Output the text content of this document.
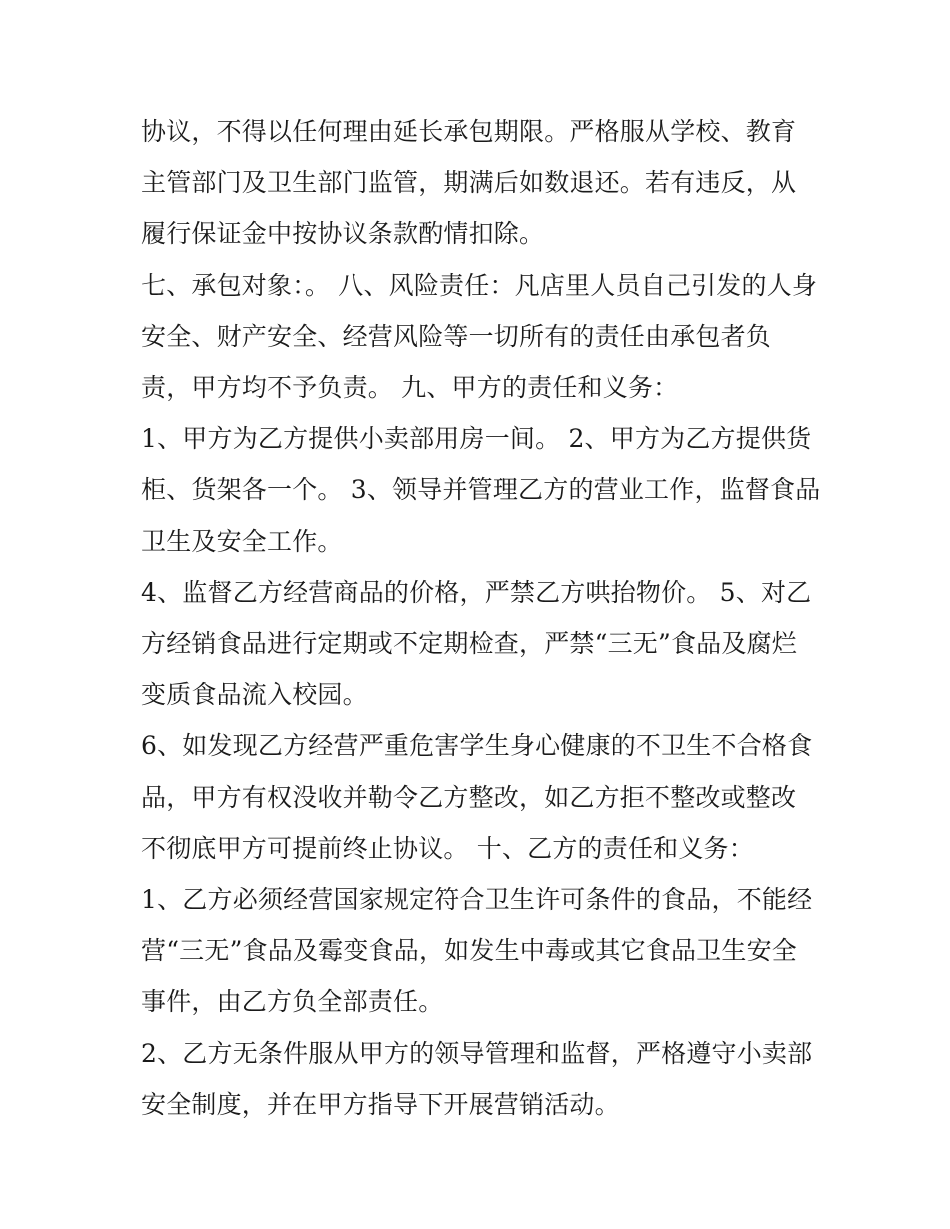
协议，不得以任何理由延长承包期限。严格服从学校、教育主管部门及卫生部门监管，期满后如数退还。若有违反，从履行保证金中按协议条款酌情扣除。

七、承包对象：。 八、风险责任：凡店里人员自己引发的人身安全、财产安全、经营风险等一切所有的责任由承包者负责，甲方均不予负责。 九、甲方的责任和义务：

1、甲方为乙方提供小卖部用房一间。 2、甲方为乙方提供货柜、货架各一个。 3、领导并管理乙方的营业工作，监督食品卫生及安全工作。

4、监督乙方经营商品的价格，严禁乙方哄抬物价。 5、对乙方经销食品进行定期或不定期检查，严禁“三无”食品及腐烂变质食品流入校园。

6、如发现乙方经营严重危害学生身心健康的不卫生不合格食品，甲方有权没收并勒令乙方整改，如乙方拒不整改或整改不彻底甲方可提前终止协议。 十、乙方的责任和义务：

1、乙方必须经营国家规定符合卫生许可条件的食品，不能经营“三无”食品及霉变食品，如发生中毒或其它食品卫生安全事件，由乙方负全部责任。

2、乙方无条件服从甲方的领导管理和监督，严格遵守小卖部安全制度，并在甲方指导下开展营销活动。
